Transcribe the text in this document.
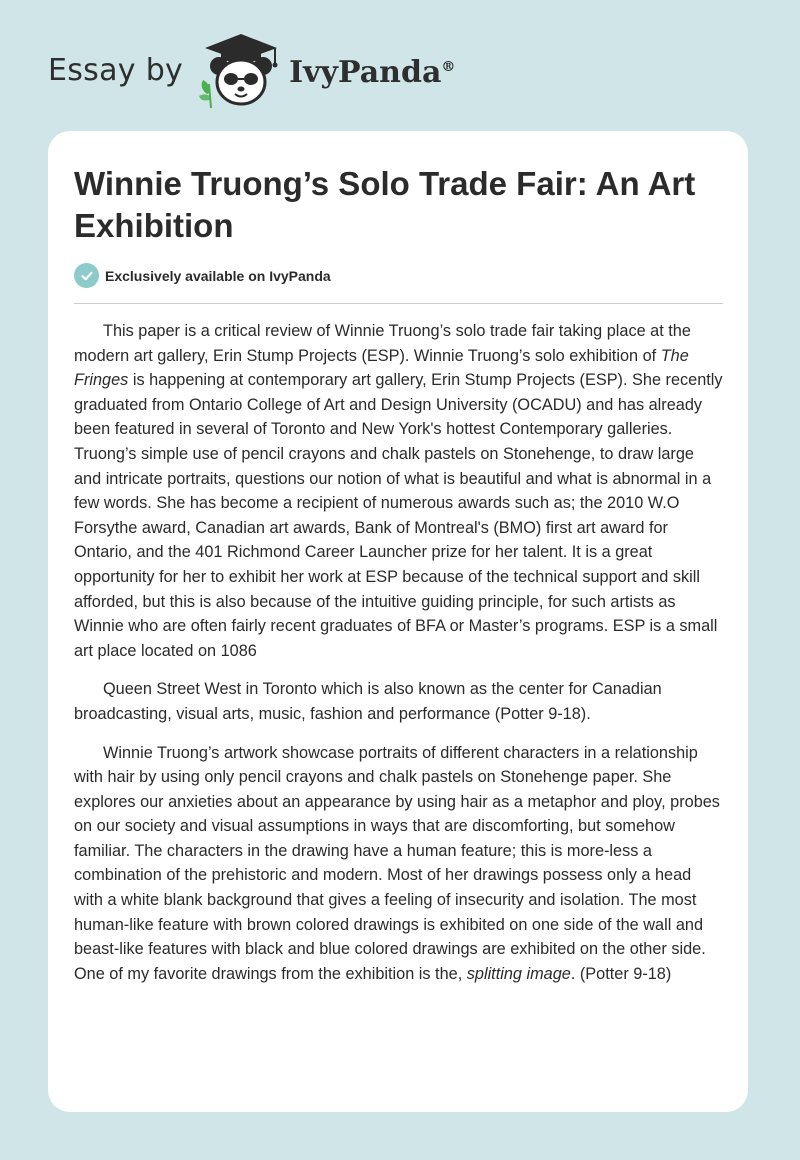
Essay by	IvyPanda®
Winnie Truong’s Solo Trade Fair: An Art Exhibition
Exclusively available on IvyPanda

This paper is a critical review of Winnie Truong’s solo trade fair taking place at the modern art gallery, Erin Stump Projects (ESP). Winnie Truong’s solo exhibition of The Fringes is happening at contemporary art gallery, Erin Stump Projects (ESP). She recently graduated from Ontario College of Art and Design University (OCADU) and has already been featured in several of Toronto and New York's hottest Contemporary galleries. Truong’s simple use of pencil crayons and chalk pastels on Stonehenge, to draw large and intricate portraits, questions our notion of what is beautiful and what is abnormal in a few words. She has become a recipient of numerous awards such as; the 2010 W.O Forsythe award, Canadian art awards, Bank of Montreal's (BMO) first art award for Ontario, and the 401 Richmond Career Launcher prize for her talent. It is a great opportunity for her to exhibit her work at ESP because of the technical support and skill afforded, but this is also because of the intuitive guiding principle, for such artists as Winnie who are often fairly recent graduates of BFA or Master’s programs. ESP is a small art place located on 1086

Queen Street West in Toronto which is also known as the center for Canadian broadcasting, visual arts, music, fashion and performance (Potter 9-18).

Winnie Truong’s artwork showcase portraits of different characters in a relationship with hair by using only pencil crayons and chalk pastels on Stonehenge paper. She explores our anxieties about an appearance by using hair as a metaphor and ploy, probes on our society and visual assumptions in ways that are discomforting, but somehow familiar. The characters in the drawing have a human feature; this is more-less a combination of the prehistoric and modern. Most of her drawings possess only a head with a white blank background that gives a feeling of insecurity and isolation. The most human-like feature with brown colored drawings is exhibited on one side of the wall and beast-like features with black and blue colored drawings are exhibited on the other side. One of my favorite drawings from the exhibition is the, splitting image. (Potter 9-18)
